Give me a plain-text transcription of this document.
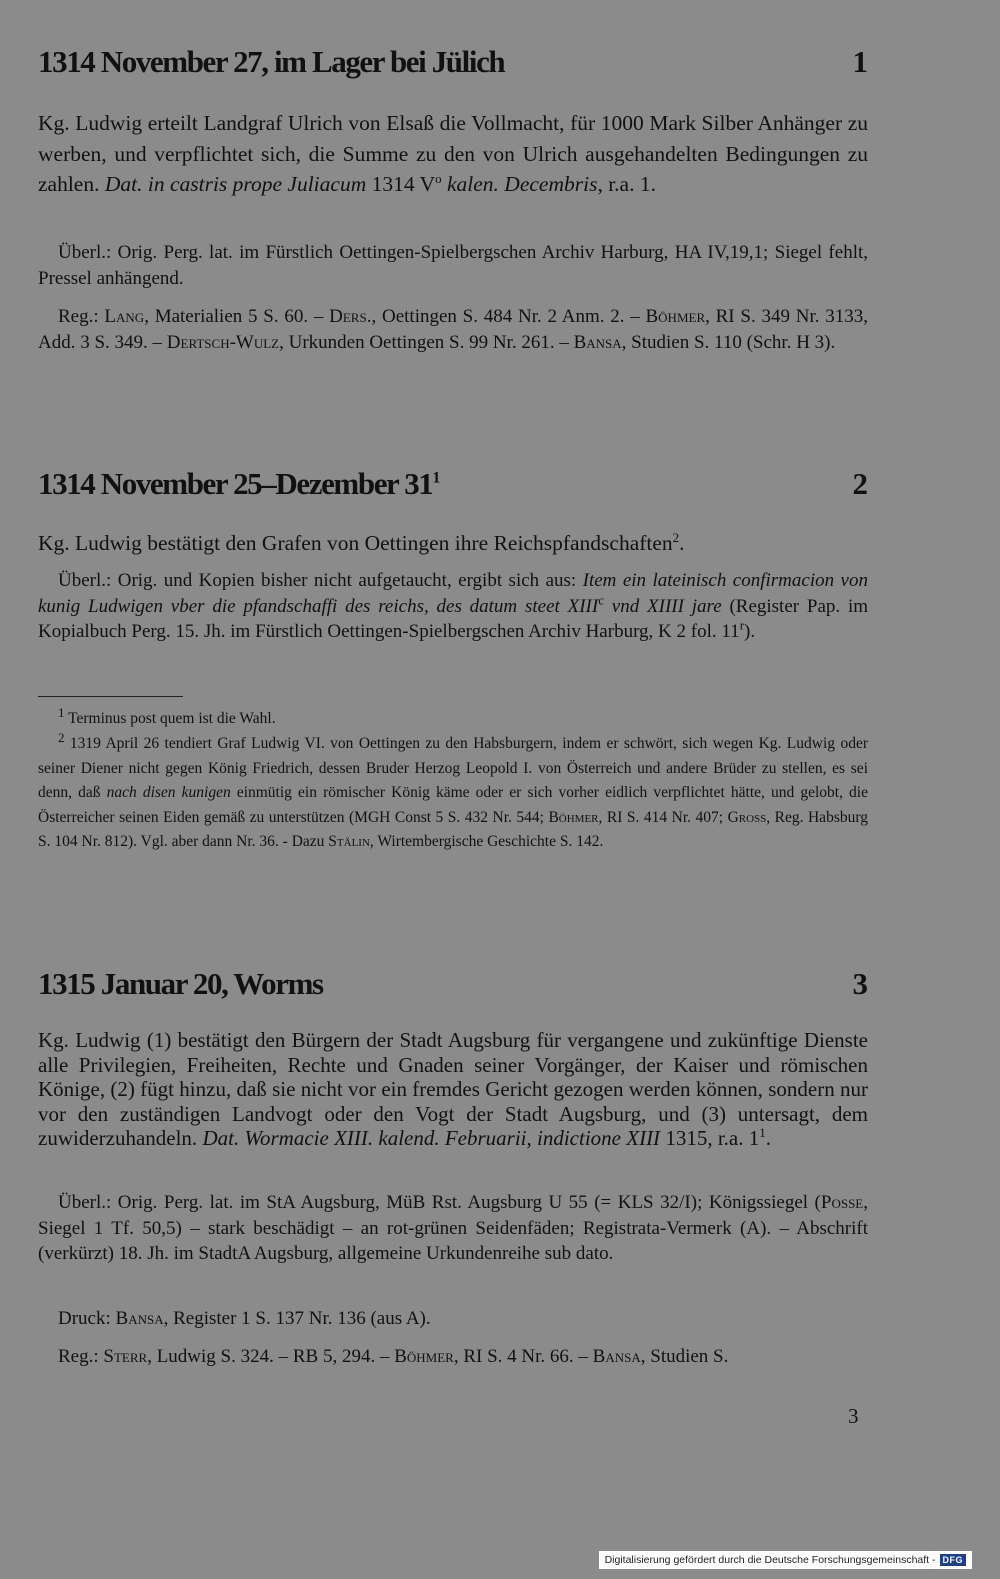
1314 November 27, im Lager bei Jülich	1
Kg. Ludwig erteilt Landgraf Ulrich von Elsaß die Vollmacht, für 1000 Mark Silber Anhänger zu werben, und verpflichtet sich, die Summe zu den von Ulrich ausgehandelten Bedingungen zu zahlen. Dat. in castris prope Juliacum 1314 $V^o$ kalen. Decembris, r.a. 1.
Überl.: Orig. Perg. lat. im Fürstlich Oettingen-Spielbergschen Archiv Harburg, HA IV,19,1; Siegel fehlt, Pressel anhängend.
Reg.: Lang, Materialien 5 S. 60. – Ders., Oettingen S. 484 Nr. 2 Anm. 2. – Böhmer, RI S. 349 Nr. 3133, Add. 3 S. 349. – Dertsch-Wulz, Urkunden Oettingen S. 99 Nr. 261. – Bansa, Studien S. 110 (Schr. H 3).
1314 November 25–Dezember $31^1$	2
Kg. Ludwig bestätigt den Grafen von Oettingen ihre Reichspfandschaften$^2$.
Überl.: Orig. und Kopien bisher nicht aufgetaucht, ergibt sich aus: Item ein lateinisch confirmacion von kunig Ludwigen vber die pfandschaffi des reichs, des datum steet XIII$^c$ vnd XIIII jare (Register Pap. im Kopialbuch Perg. 15. Jh. im Fürstlich Oettingen-Spielbergschen Archiv Harburg, K 2 fol. 11$^r$).
$^1$ Terminus post quem ist die Wahl.
$^2$ 1319 April 26 tendiert Graf Ludwig VI. von Oettingen zu den Habsburgern, indem er schwört, sich wegen Kg. Ludwig oder seiner Diener nicht gegen König Friedrich, dessen Bruder Herzog Leopold I. von Österreich und andere Brüder zu stellen, es sei denn, daß nach disen kunigen einmütig ein römischer König käme oder er sich vorher eidlich verpflichtet hätte, und gelobt, die Österreicher seinen Eiden gemäß zu unterstützen (MGH Const 5 S. 432 Nr. 544; Böhmer, RI S. 414 Nr. 407; Gross, Reg. Habsburg S. 104 Nr. 812). Vgl. aber dann Nr. 36. - Dazu Stälin, Wirtembergische Geschichte S. 142.
1315 Januar 20, Worms	3
Kg. Ludwig (1) bestätigt den Bürgern der Stadt Augsburg für vergangene und zukünftige Dienste alle Privilegien, Freiheiten, Rechte und Gnaden seiner Vorgänger, der Kaiser und römischen Könige, (2) fügt hinzu, daß sie nicht vor ein fremdes Gericht gezogen werden können, sondern nur vor den zuständigen Landvogt oder den Vogt der Stadt Augsburg, und (3) untersagt, dem zuwiderzuhandeln. Dat. Wormacie XIII. kalend. Februarii, indictione XIII 1315, r.a. $1^1$.
Überl.: Orig. Perg. lat. im StA Augsburg, MüB Rst. Augsburg U 55 (= KLS 32/I); Königssiegel (Posse, Siegel 1 Tf. 50,5) – stark beschädigt – an rot-grünen Seidenfäden; Registrata-Vermerk (A). – Abschrift (verkürzt) 18. Jh. im StadtA Augsburg, allgemeine Urkundenreihe sub dato.
Druck: Bansa, Register 1 S. 137 Nr. 136 (aus A).
Reg.: Sterr, Ludwig S. 324. – RB 5, 294. – Böhmer, RI S. 4 Nr. 66. – Bansa, Studien S.
3
Digitalisierung gefördert durch die Deutsche Forschungsgemeinschaft - DFG
